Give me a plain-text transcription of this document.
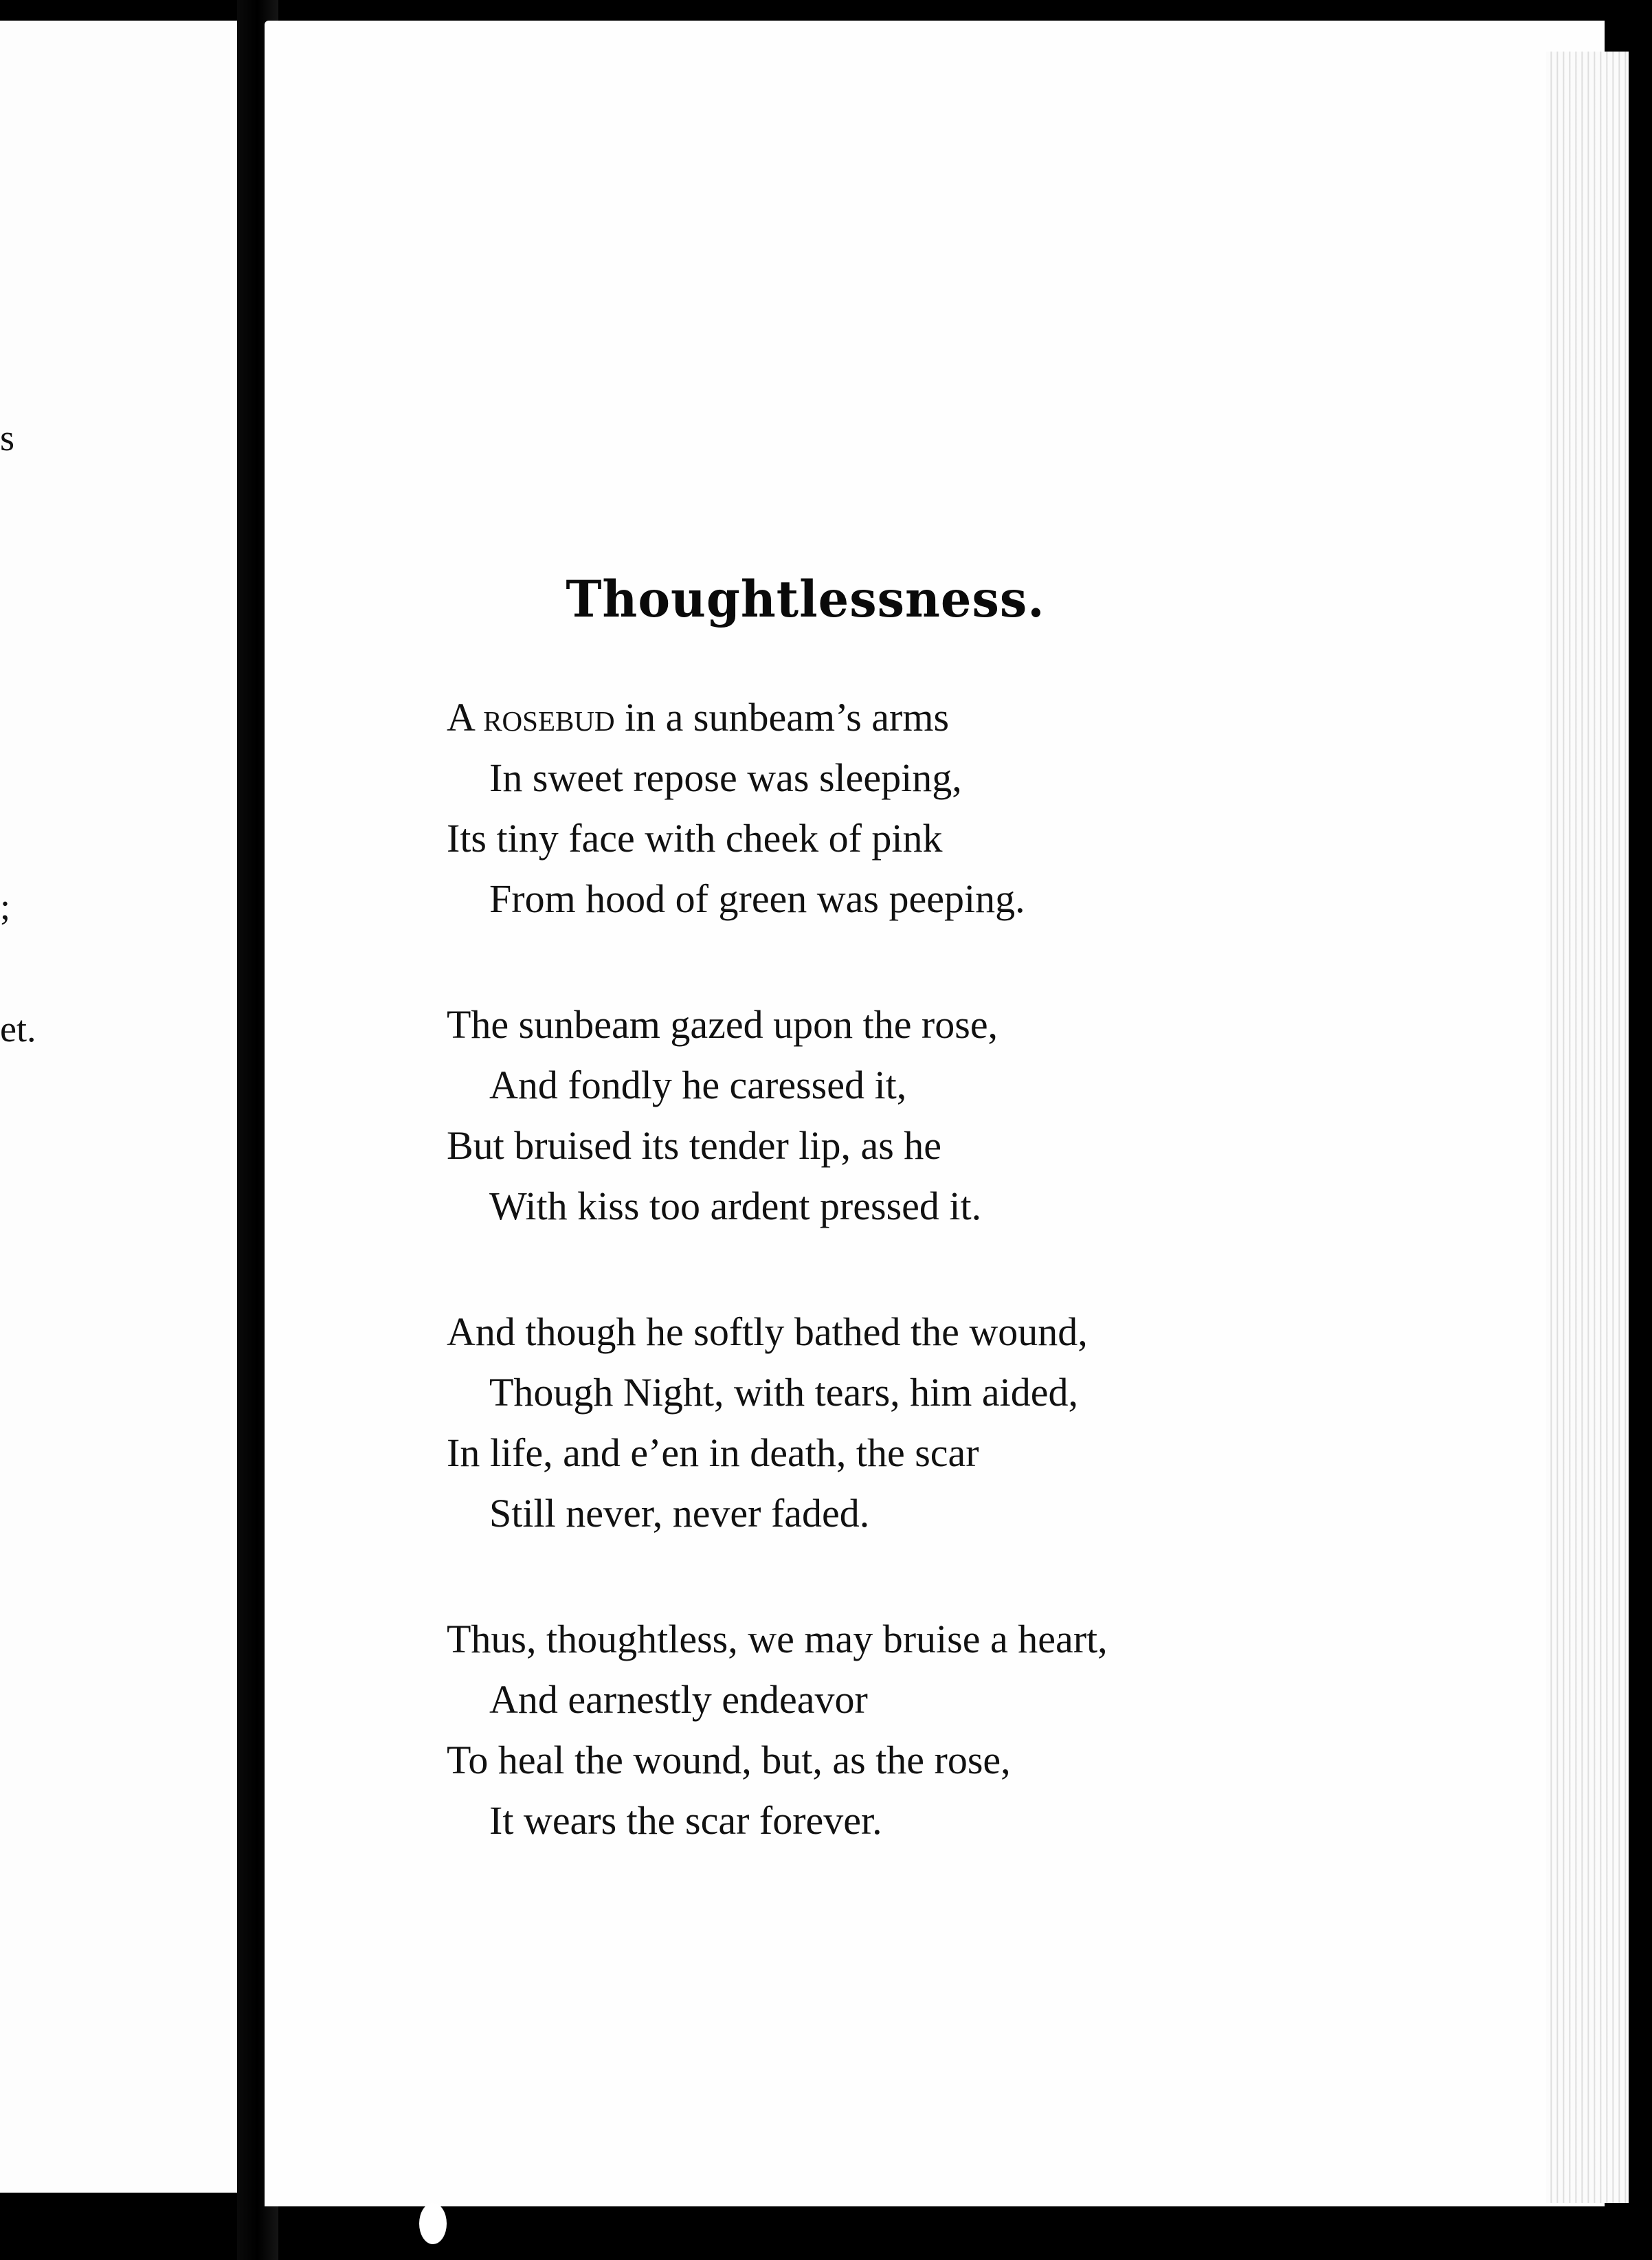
s
;
et.
Thoughtlessness.
A rosebud in a sunbeam’s arms
In sweet repose was sleeping,
Its tiny face with cheek of pink
From hood of green was peeping.
The sunbeam gazed upon the rose,
And fondly he caressed it,
But bruised its tender lip, as he
With kiss too ardent pressed it.
And though he softly bathed the wound,
Though Night, with tears, him aided,
In life, and e’en in death, the scar
Still never, never faded.
Thus, thoughtless, we may bruise a heart,
And earnestly endeavor
To heal the wound, but, as the rose,
It wears the scar forever.
